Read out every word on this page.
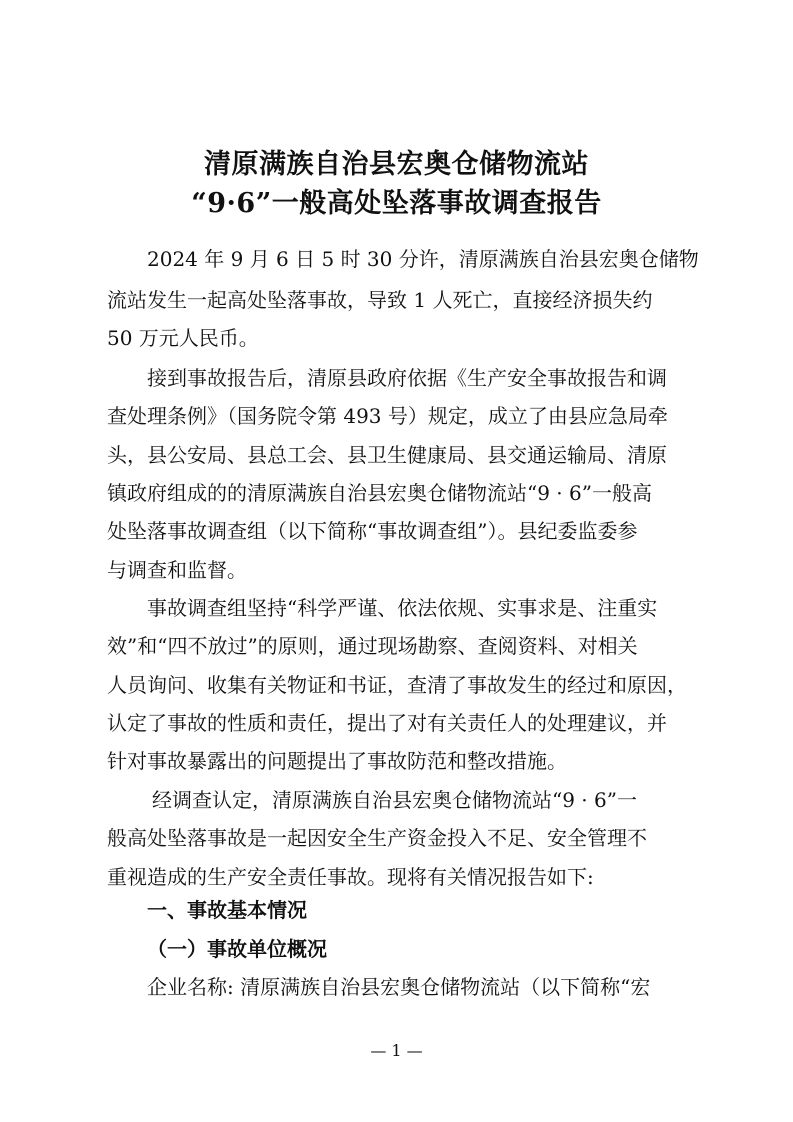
清原满族自治县宏奥仓储物流站
“9·6”一般高处坠落事故调查报告
2024 年 9 月 6 日 5 时 30 分许，清原满族自治县宏奥仓储物
流站发生一起高处坠落事故，导致 1 人死亡，直接经济损失约
50 万元人民币。
接到事故报告后，清原县政府依据《生产安全事故报告和调
查处理条例》（国务院令第 493 号）规定，成立了由县应急局牵
头，县公安局、县总工会、县卫生健康局、县交通运输局、清原
镇政府组成的的清原满族自治县宏奥仓储物流站“9 · 6”一般高
处坠落事故调查组（以下简称“事故调查组”）。县纪委监委参
与调查和监督。
事故调查组坚持“科学严谨、依法依规、实事求是、注重实
效”和“四不放过”的原则，通过现场勘察、查阅资料、对相关
人员询问、收集有关物证和书证，查清了事故发生的经过和原因，
认定了事故的性质和责任，提出了对有关责任人的处理建议，并
针对事故暴露出的问题提出了事故防范和整改措施。
经调查认定，清原满族自治县宏奥仓储物流站“9 · 6”一
般高处坠落事故是一起因安全生产资金投入不足、安全管理不
重视造成的生产安全责任事故。现将有关情况报告如下:
一、事故基本情况
（一）事故单位概况
企业名称: 清原满族自治县宏奥仓储物流站（以下简称“宏
— 1 —
